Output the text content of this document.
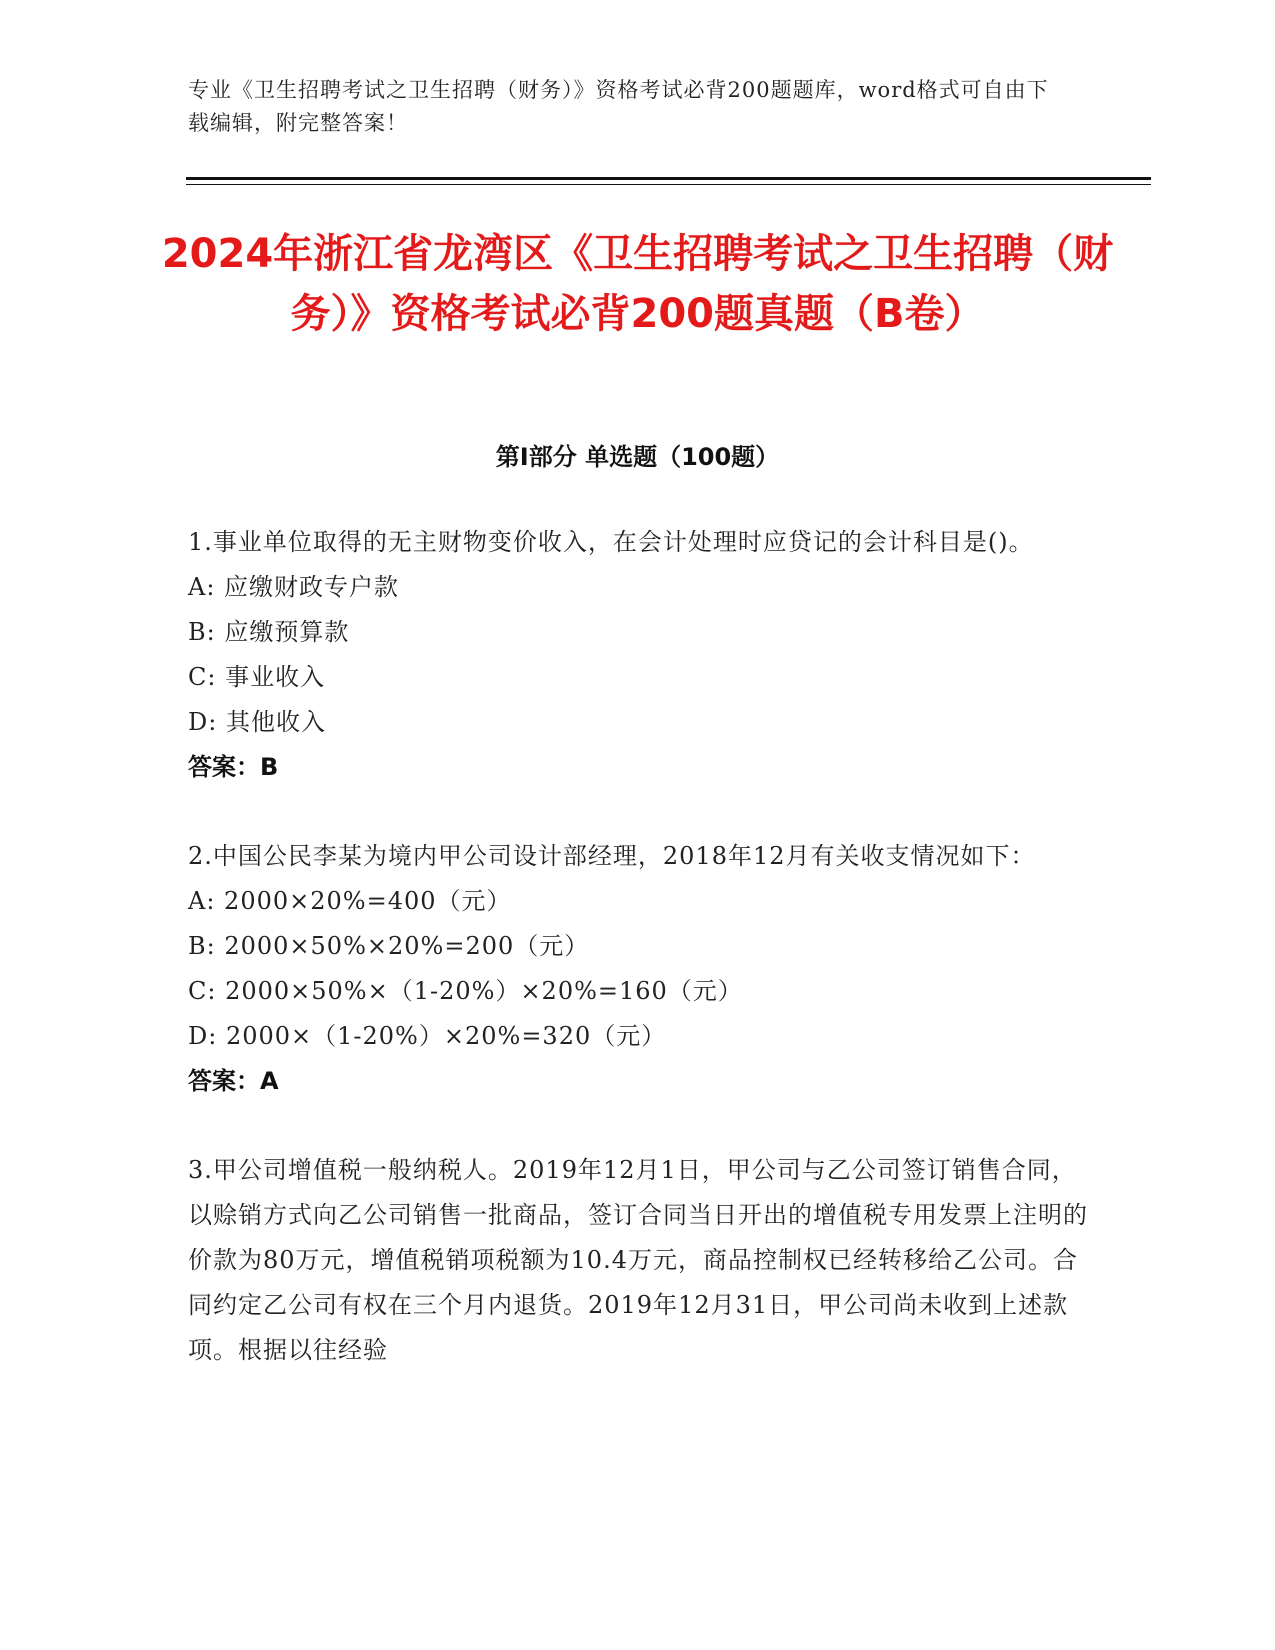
专业《卫生招聘考试之卫生招聘（财务）》资格考试必背200题题库，word格式可自由下载编辑，附完整答案！
2024年浙江省龙湾区《卫生招聘考试之卫生招聘（财务）》资格考试必背200题真题（B卷）
第I部分 单选题（100题）
1.事业单位取得的无主财物变价收入，在会计处理时应贷记的会计科目是()。
A: 应缴财政专户款
B: 应缴预算款
C: 事业收入
D: 其他收入
答案：B
2.中国公民李某为境内甲公司设计部经理，2018年12月有关收支情况如下：
A: 2000×20%=400（元）
B: 2000×50%×20%=200（元）
C: 2000×50%×（1-20%）×20%=160（元）
D: 2000×（1-20%）×20%=320（元）
答案：A
3.甲公司增值税一般纳税人。2019年12月1日，甲公司与乙公司签订销售合同，以赊销方式向乙公司销售一批商品，签订合同当日开出的增值税专用发票上注明的价款为80万元，增值税销项税额为10.4万元，商品控制权已经转移给乙公司。合同约定乙公司有权在三个月内退货。2019年12月31日，甲公司尚未收到上述款项。根据以往经验
